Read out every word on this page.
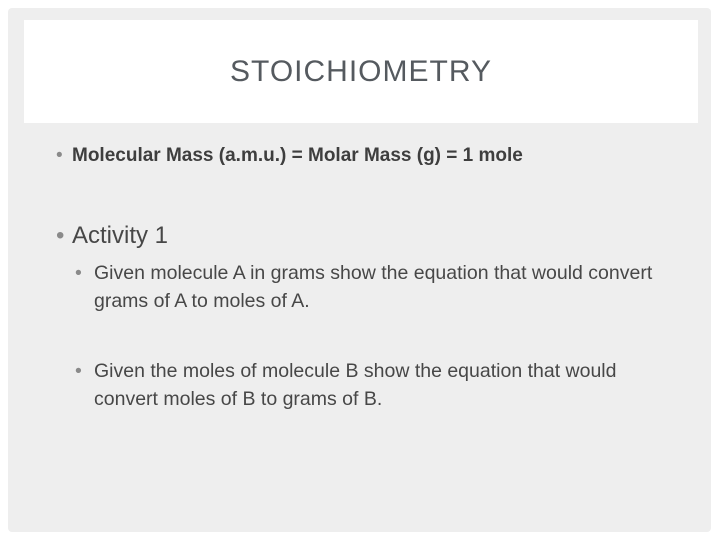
STOICHIOMETRY
• Molecular Mass (a.m.u.) = Molar Mass (g) = 1 mole
• Activity 1
• Given molecule A in grams show the equation that would convert grams of A to moles of A.
• Given the moles of molecule B show the equation that would convert moles of B to grams of B.
